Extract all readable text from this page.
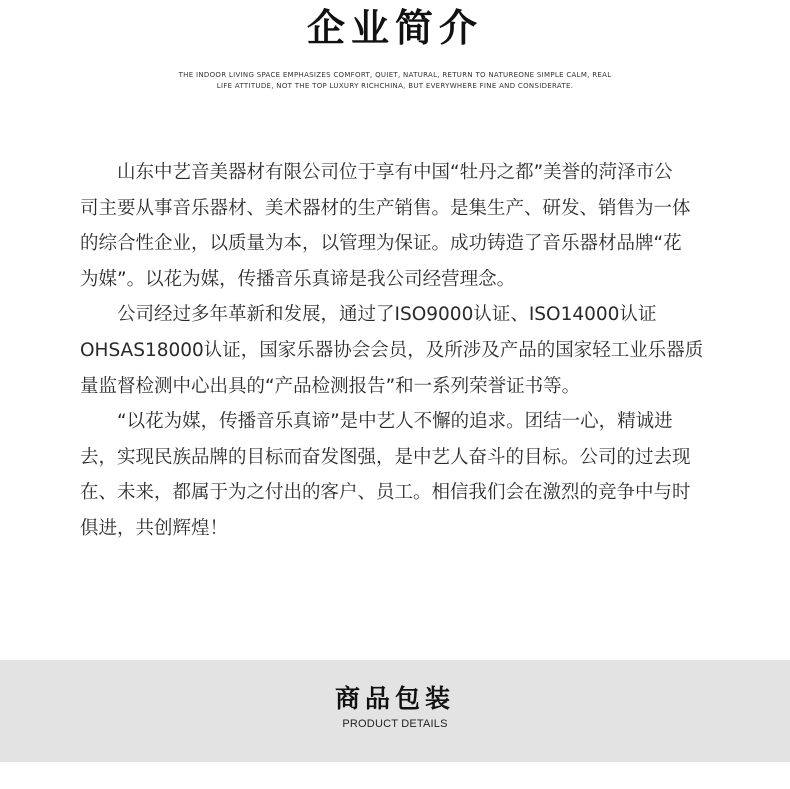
企业简介
THE INDOOR LIVING SPACE EMPHASIZES COMFORT, QUIET, NATURAL, RETURN TO NATUREONE SIMPLE CALM, REAL
LIFE ATTITUDE, NOT THE TOP LUXURY RICHCHINA, BUT EVERYWHERE FINE AND CONSIDERATE.
　　山东中艺音美器材有限公司位于享有中国“牡丹之都”美誉的菏泽市公
司主要从事音乐器材、美术器材的生产销售。是集生产、研发、销售为一体
的综合性企业，以质量为本，以管理为保证。成功铸造了音乐器材品牌“花
为媒”。以花为媒，传播音乐真谛是我公司经营理念。
　　公司经过多年革新和发展，通过了ISO9000认证、ISO14000认证
OHSAS18000认证，国家乐器协会会员，及所涉及产品的国家轻工业乐器质
量监督检测中心出具的“产品检测报告”和一系列荣誉证书等。
　　“以花为媒，传播音乐真谛”是中艺人不懈的追求。团结一心，精诚进
去，实现民族品牌的目标而奋发图强，是中艺人奋斗的目标。公司的过去现
在、未来，都属于为之付出的客户、员工。相信我们会在激烈的竞争中与时
俱进，共创辉煌！
商品包装
PRODUCT DETAILS
